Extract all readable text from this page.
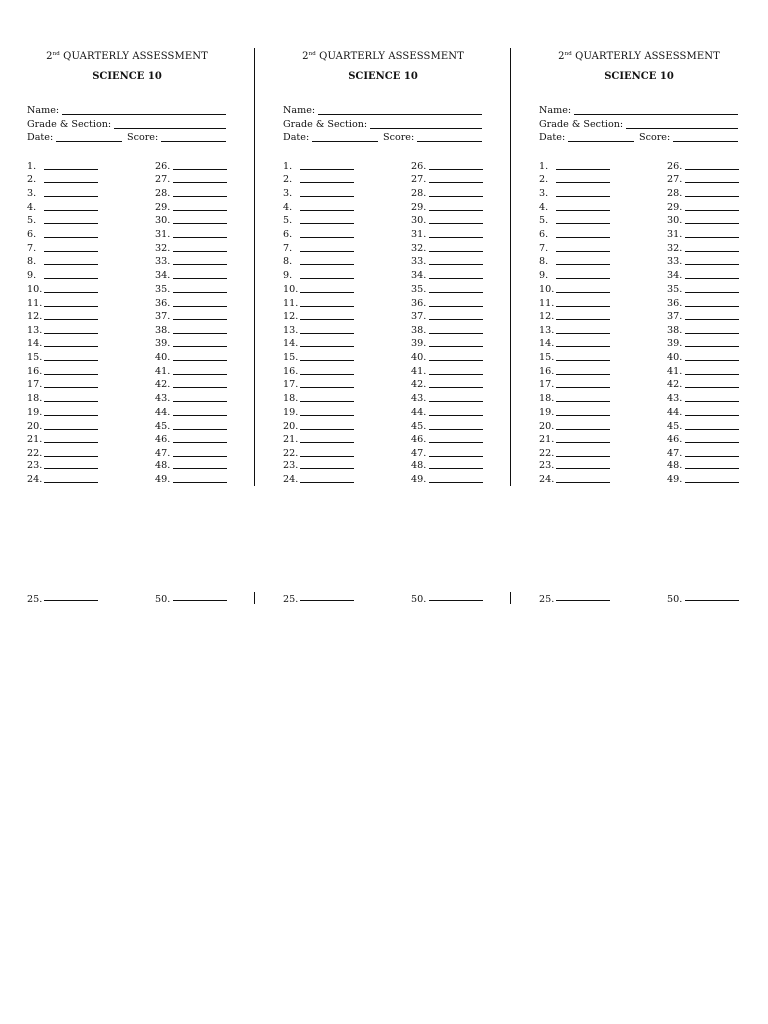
2nd QUARTERLY ASSESSMENT
SCIENCE 10
Name:
Grade & Section:
Date:	Score:
1.	26.
2.	27.
3.	28.
4.	29.
5.	30.
6.	31.
7.	32.
8.	33.
9.	34.
10.	35.
11.	36.
12.	37.
13.	38.
14.	39.
15.	40.
16.	41.
17.	42.
18.	43.
19.	44.
20.	45.
21.	46.
22.	47.
23.	48.
24.	49.
25.	50.
2nd QUARTERLY ASSESSMENT
SCIENCE 10
Name:
Grade & Section:
Date:	Score:
1.	26.
2.	27.
3.	28.
4.	29.
5.	30.
6.	31.
7.	32.
8.	33.
9.	34.
10.	35.
11.	36.
12.	37.
13.	38.
14.	39.
15.	40.
16.	41.
17.	42.
18.	43.
19.	44.
20.	45.
21.	46.
22.	47.
23.	48.
24.	49.
25.	50.
2nd QUARTERLY ASSESSMENT
SCIENCE 10
Name:
Grade & Section:
Date:	Score:
1.	26.
2.	27.
3.	28.
4.	29.
5.	30.
6.	31.
7.	32.
8.	33.
9.	34.
10.	35.
11.	36.
12.	37.
13.	38.
14.	39.
15.	40.
16.	41.
17.	42.
18.	43.
19.	44.
20.	45.
21.	46.
22.	47.
23.	48.
24.	49.
25.	50.
